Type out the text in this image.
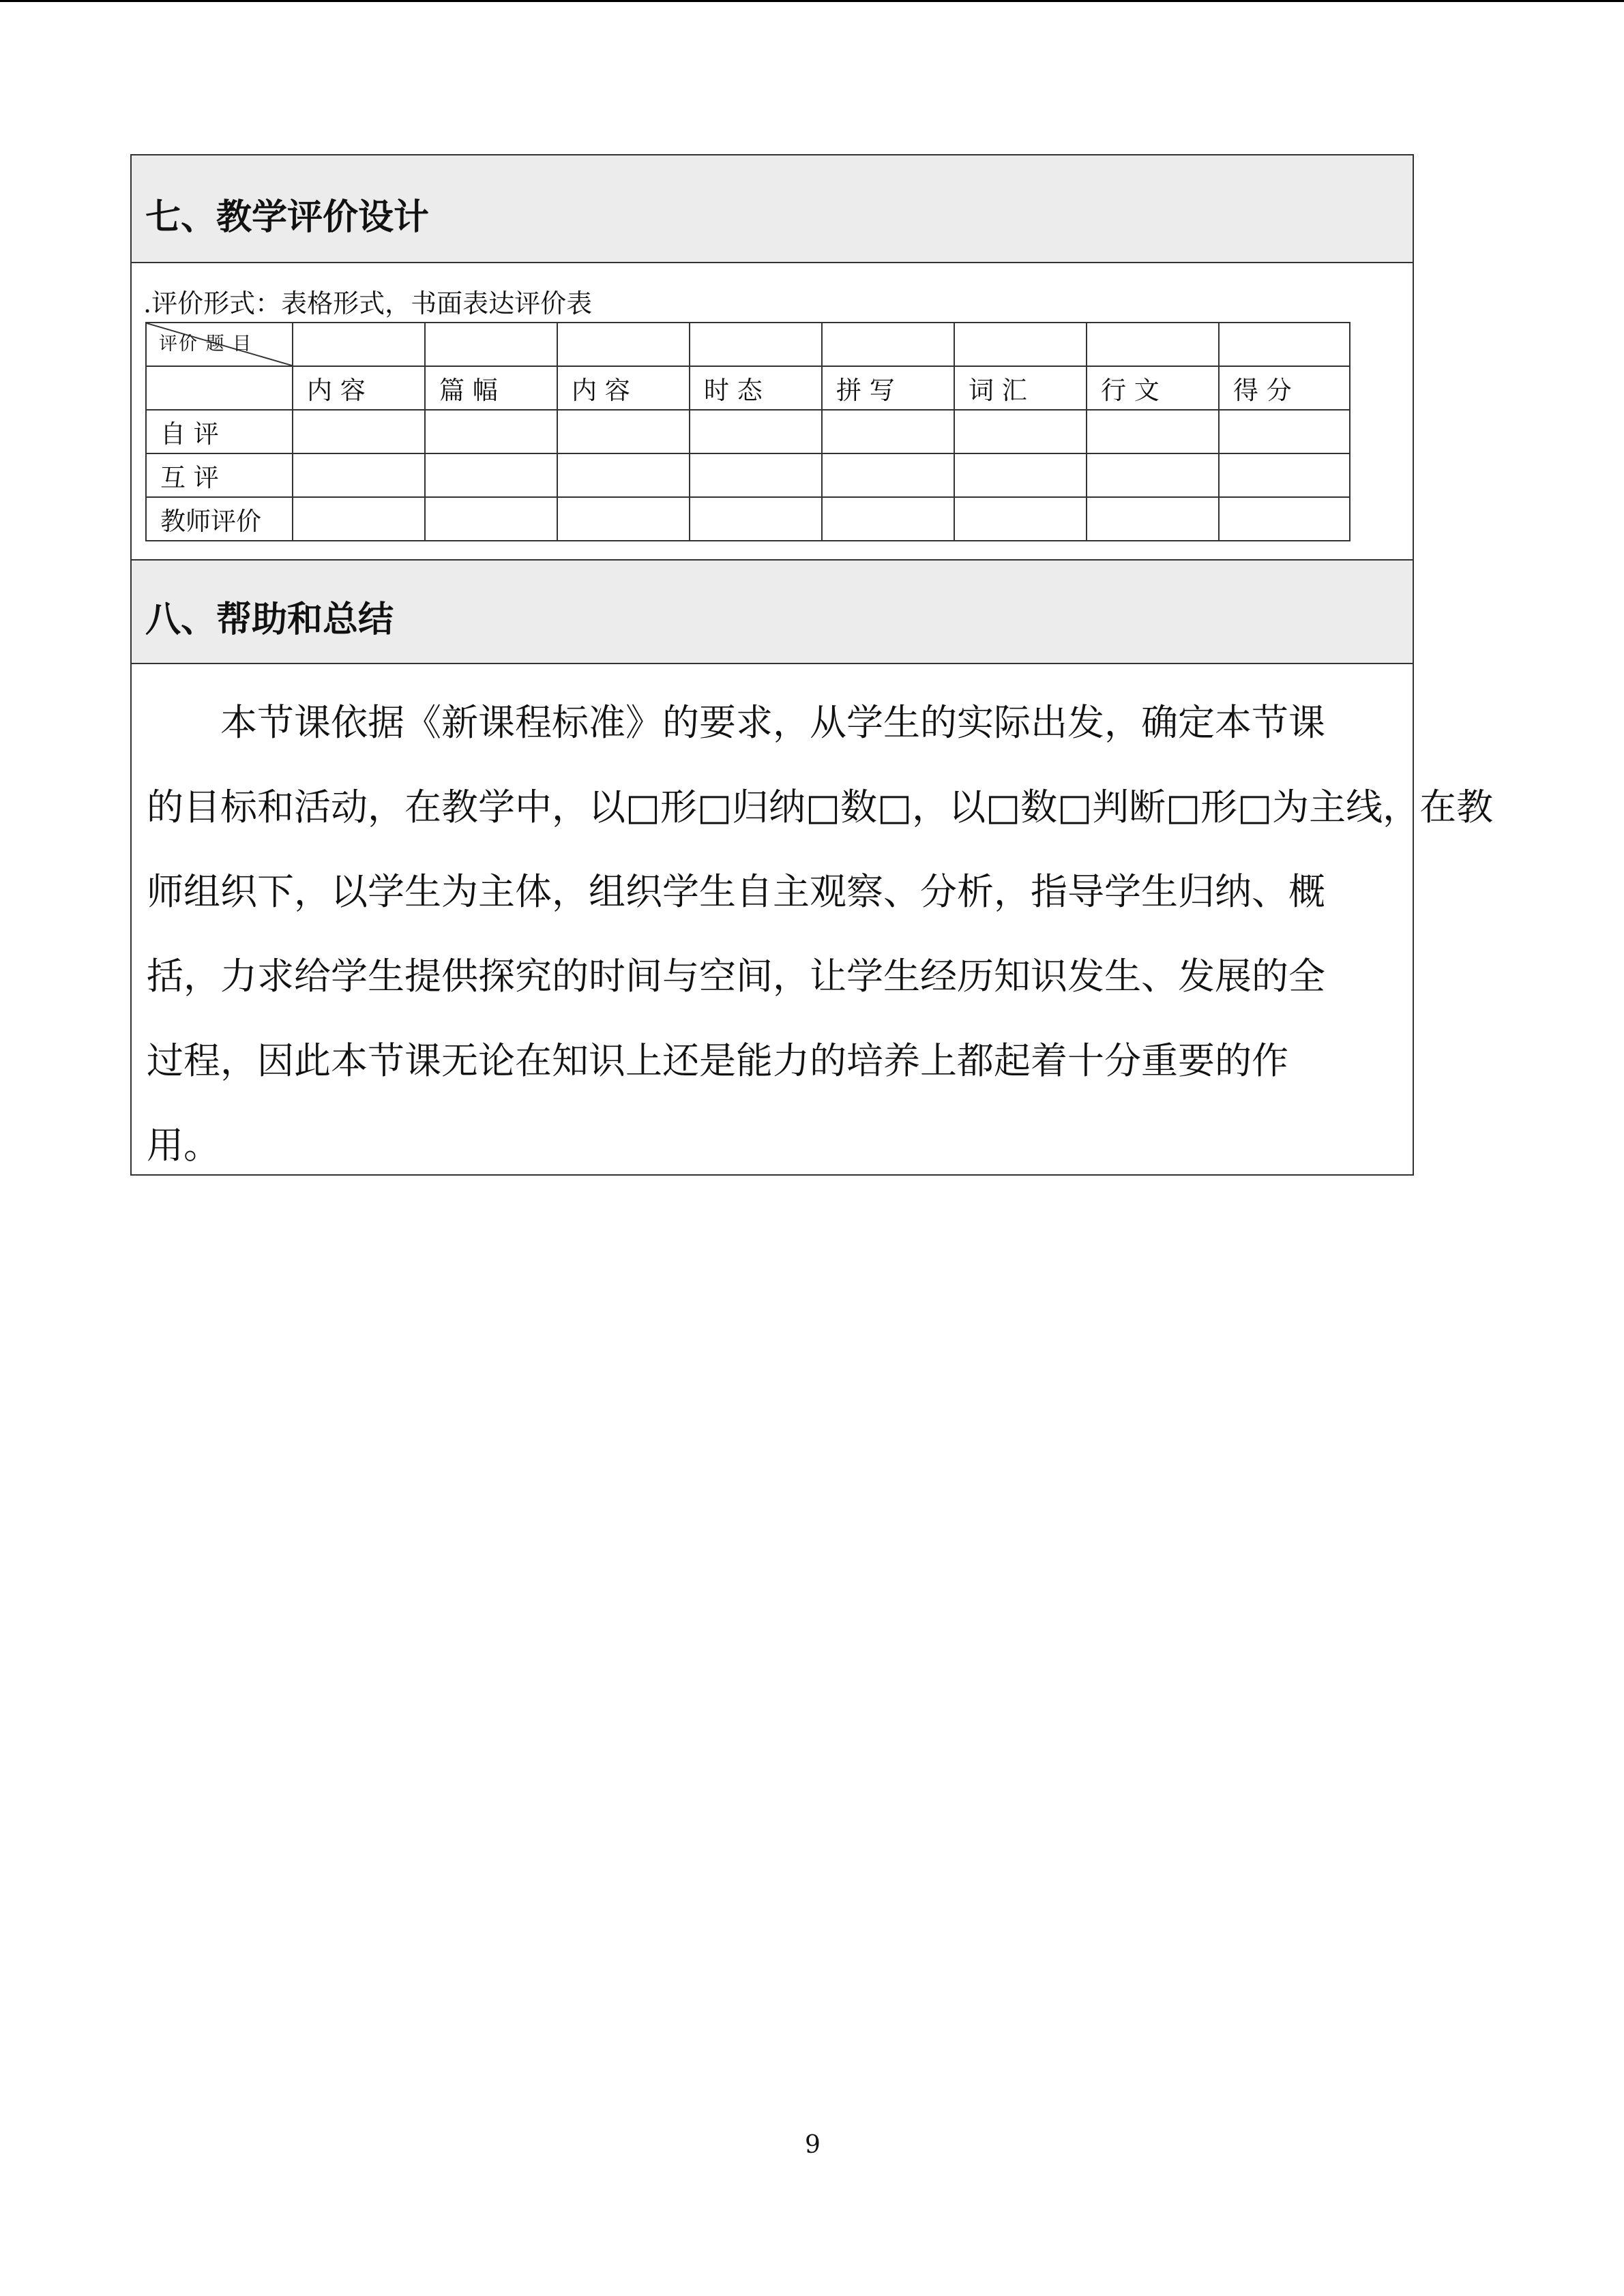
七、教学评价设计
.评价形式：表格形式，书面表达评价表
评价 题 目								

	内 容	篇 幅	内 容	时 态	拼 写	词 汇	行 文	得 分
自 评								
互 评								
教师评价								
八、帮助和总结
本节课依据《新课程标准》的要求，从学生的实际出发，确定本节课
的目标和活动，在教学中，以□形□归纳□数□，以□数□判断□形□为主线，在教
师组织下，以学生为主体，组织学生自主观察、分析，指导学生归纳、概
括，力求给学生提供探究的时间与空间，让学生经历知识发生、发展的全
过程，因此本节课无论在知识上还是能力的培养上都起着十分重要的作
用。
9
